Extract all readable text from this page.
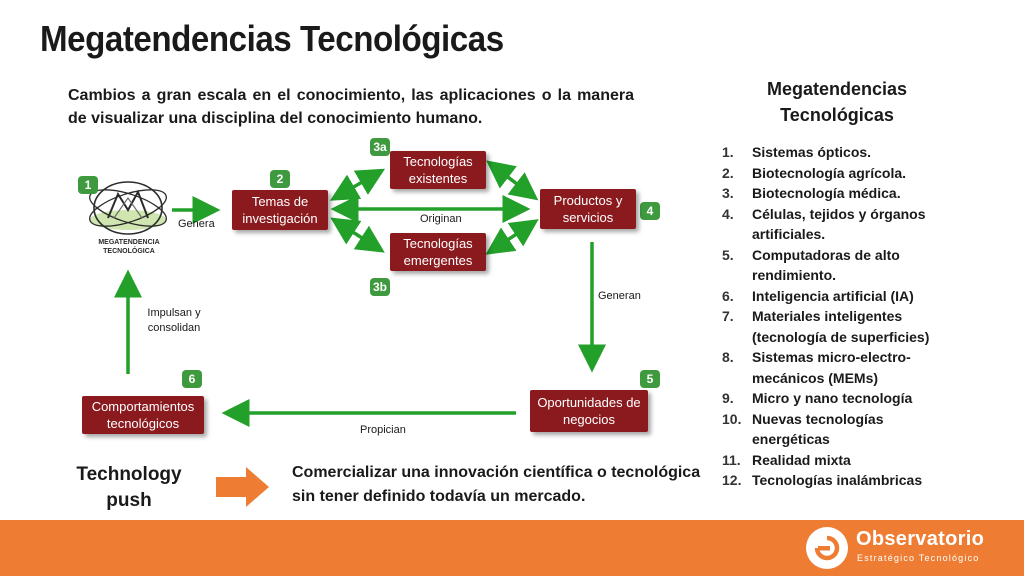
Megatendencias Tecnológicas
Cambios a gran escala en el conocimiento, las aplicaciones o la manera de visualizar una disciplina del conocimiento humano.
Megatendencias Tecnológicas
1. Sistemas ópticos.
2. Biotecnología agrícola.
3. Biotecnología médica.
4. Células, tejidos y órganos artificiales.
5. Computadoras de alto rendimiento.
6. Inteligencia artificial (IA)
7. Materiales inteligentes (tecnología de superficies)
8. Sistemas micro-electro-mecánicos (MEMs)
9. Micro y nano tecnología
10. Nuevas tecnologías energéticas
11. Realidad mixta
12. Tecnologías inalámbricas
MEGATENDENCIA TECNOLÓGICA
1	2
3a
3b
4
5
6
Temas de investigación
Tecnologías existentes
Tecnologías emergentes
Productos y servicios
Oportunidades de negocios
Comportamientos tecnológicos
Genera	Originan
Generan
Propician
Impulsan y consolidan
Technology push
Comercializar una innovación científica o tecnológica sin tener definido todavía un mercado.
Observatorio
Estratégico Tecnológico
